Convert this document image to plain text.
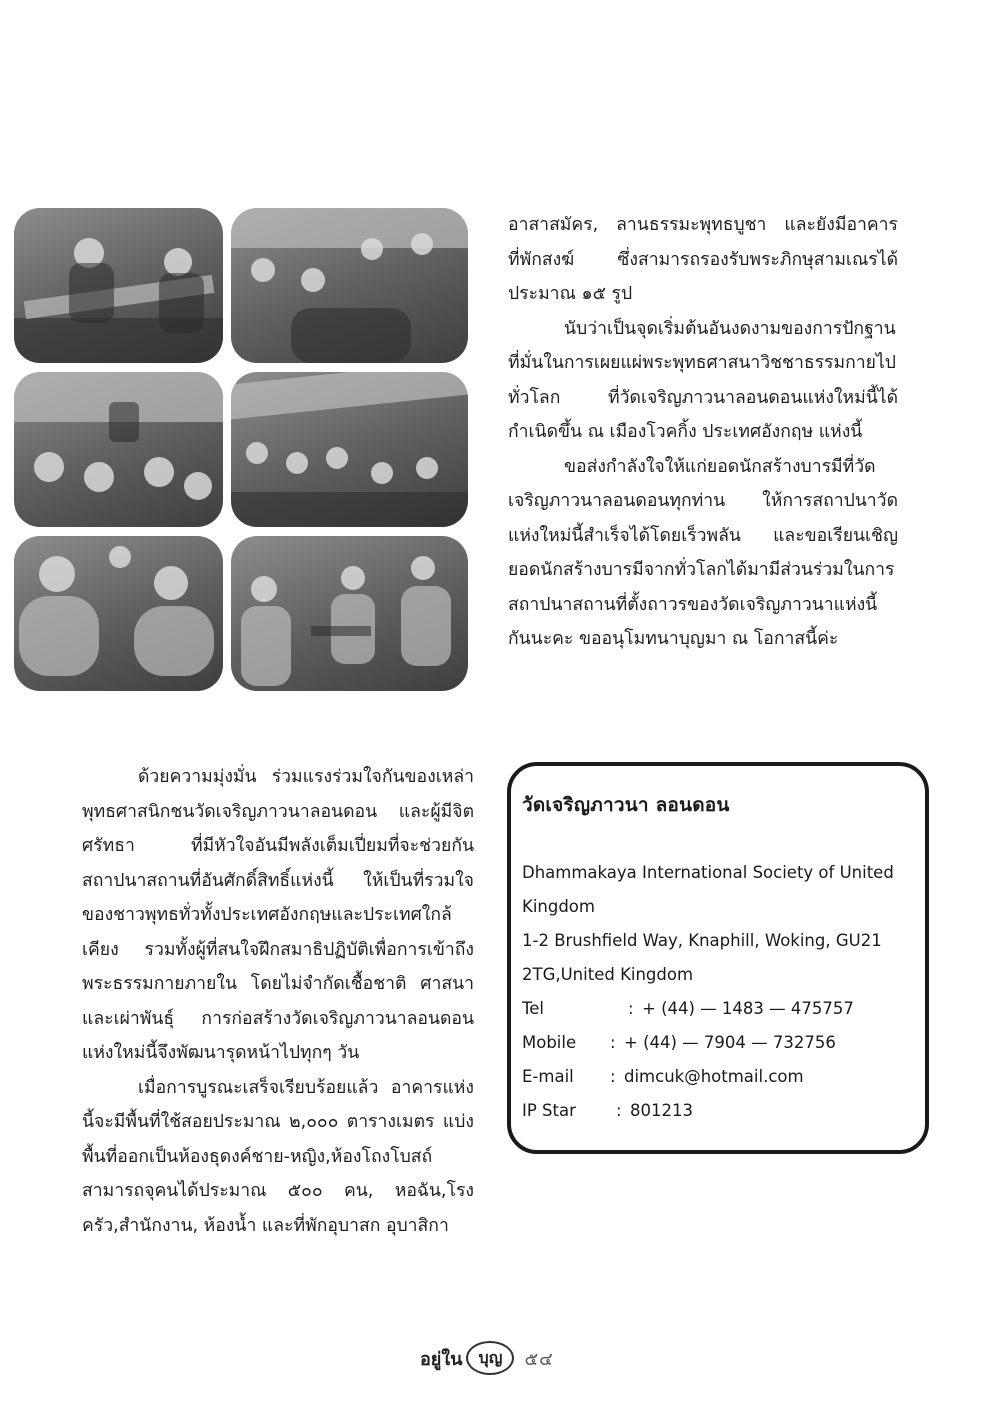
อาสาสมัคร, ลานธรรมะพุทธบูชา และยังมีอาคารที่พักสงฆ์ ซึ่งสามารถรองรับพระภิกษุสามเณรได้ประมาณ ๑๕ รูป

นับว่าเป็นจุดเริ่มต้นอันงดงามของการปักฐานที่มั่นในการเผยแผ่พระพุทธศาสนาวิชชาธรรมกายไปทั่วโลก ที่วัดเจริญภาวนาลอนดอนแห่งใหม่นี้ได้กำเนิดขึ้น ณ เมืองโวคกิ้ง ประเทศอังกฤษ แห่งนี้

ขอส่งกำลังใจให้แก่ยอดนักสร้างบารมีที่วัดเจริญภาวนาลอนดอนทุกท่าน ให้การสถาปนาวัดแห่งใหม่นี้สำเร็จได้โดยเร็วพลัน และขอเรียนเชิญยอดนักสร้างบารมีจากทั่วโลกได้มามีส่วนร่วมในการสถาปนาสถานที่ตั้งถาวรของวัดเจริญภาวนาแห่งนี้กันนะคะ ขออนุโมทนาบุญมา ณ โอกาสนี้ค่ะ

ด้วยความมุ่งมั่น ร่วมแรงร่วมใจกันของเหล่าพุทธศาสนิกชนวัดเจริญภาวนาลอนดอน และผู้มีจิตศรัทธา ที่มีหัวใจอันมีพลังเต็มเปี่ยมที่จะช่วยกันสถาปนาสถานที่อันศักดิ์สิทธิ์แห่งนี้ ให้เป็นที่รวมใจของชาวพุทธทั่วทั้งประเทศอังกฤษและประเทศใกล้เคียง รวมทั้งผู้ที่สนใจฝึกสมาธิปฏิบัติเพื่อการเข้าถึงพระธรรมกายภายใน โดยไม่จำกัดเชื้อชาติ ศาสนา และเผ่าพันธุ์ การก่อสร้างวัดเจริญภาวนาลอนดอนแห่งใหม่นี้จึงพัฒนารุดหน้าไปทุกๆ วัน

เมื่อการบูรณะเสร็จเรียบร้อยแล้ว อาคารแห่งนี้จะมีพื้นที่ใช้สอยประมาณ ๒,๐๐๐ ตารางเมตร แบ่งพื้นที่ออกเป็นห้องธุดงค์ชาย-หญิง,ห้องโถงโบสถ์ สามารถจุคนได้ประมาณ ๕๐๐ คน, หอฉัน,โรงครัว,สำนักงาน, ห้องน้ำ และที่พักอุบาสก อุบาสิกา

วัดเจริญภาวนา ลอนดอน

Dhammakaya International Society of United Kingdom

1-2 Brushfield Way, Knaphill, Woking, GU21 2TG,United Kingdom

Tel	: + (44) — 1483 — 475757
Mobile	: + (44) — 7904 — 732756
E-mail	: dimcuk@hotmail.com
IP Star	: 801213
อยู่ใน	บุญ	๕๔
